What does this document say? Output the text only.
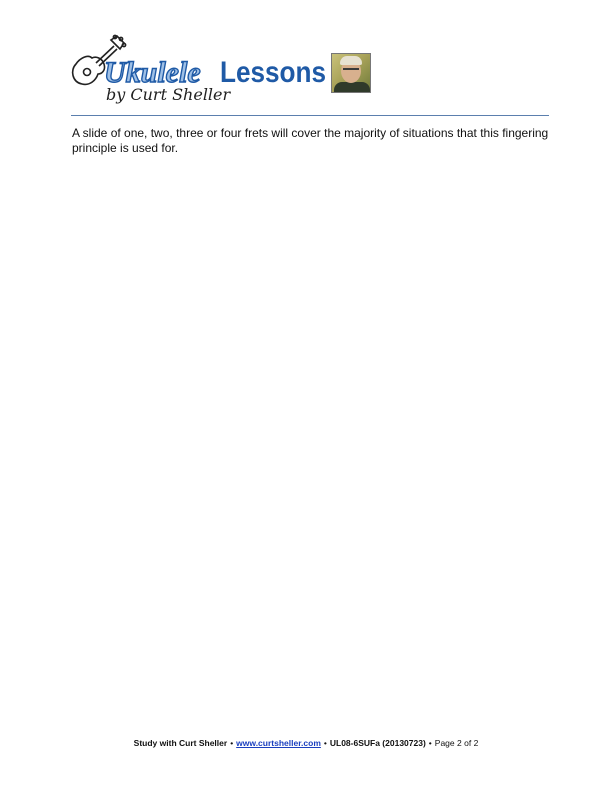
Ukulele Lessons
by Curt Sheller

A slide of one, two, three or four frets will cover the majority of situations that this fingering principle is used for.

Study with Curt Sheller • www.curtsheller.com • UL08-6SUFa (20130723) • Page 2 of 2
